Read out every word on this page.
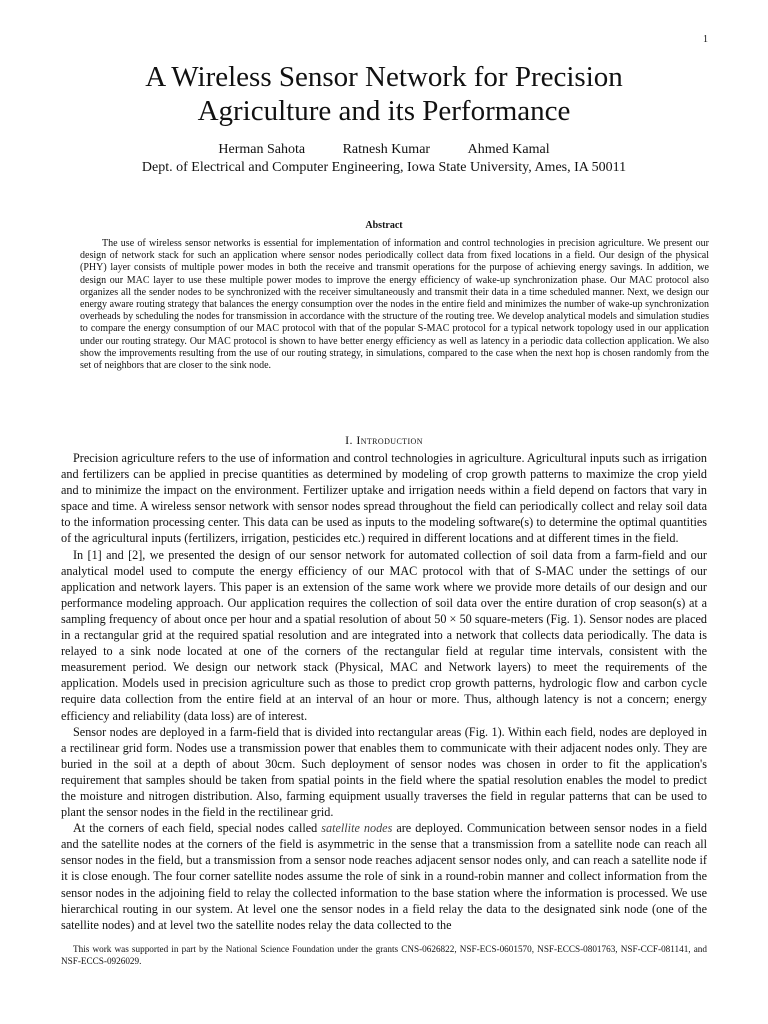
1
A Wireless Sensor Network for Precision
Agriculture and its Performance
Herman Sahota	Ratnesh Kumar	Ahmed Kamal
Dept. of Electrical and Computer Engineering, Iowa State University, Ames, IA 50011
Abstract

The use of wireless sensor networks is essential for implementation of information and control technologies in precision agriculture. We present our design of network stack for such an application where sensor nodes periodically collect data from fixed locations in a field. Our design of the physical (PHY) layer consists of multiple power modes in both the receive and transmit operations for the purpose of achieving energy savings. In addition, we design our MAC layer to use these multiple power modes to improve the energy efficiency of wake-up synchronization phase. Our MAC protocol also organizes all the sender nodes to be synchronized with the receiver simultaneously and transmit their data in a time scheduled manner. Next, we design our energy aware routing strategy that balances the energy consumption over the nodes in the entire field and minimizes the number of wake-up synchronization overheads by scheduling the nodes for transmission in accordance with the structure of the routing tree. We develop analytical models and simulation studies to compare the energy consumption of our MAC protocol with that of the popular S-MAC protocol for a typical network topology used in our application under our routing strategy. Our MAC protocol is shown to have better energy efficiency as well as latency in a periodic data collection application. We also show the improvements resulting from the use of our routing strategy, in simulations, compared to the case when the next hop is chosen randomly from the set of neighbors that are closer to the sink node.

I. Introduction

Precision agriculture refers to the use of information and control technologies in agriculture. Agricultural inputs such as irrigation and fertilizers can be applied in precise quantities as determined by modeling of crop growth patterns to maximize the crop yield and to minimize the impact on the environment. Fertilizer uptake and irrigation needs within a field depend on factors that vary in space and time. A wireless sensor network with sensor nodes spread throughout the field can periodically collect and relay soil data to the information processing center. This data can be used as inputs to the modeling software(s) to determine the optimal quantities of the agricultural inputs (fertilizers, irrigation, pesticides etc.) required in different locations and at different times in the field.

In [1] and [2], we presented the design of our sensor network for automated collection of soil data from a farm-field and our analytical model used to compute the energy efficiency of our MAC protocol with that of S-MAC under the settings of our application and network layers. This paper is an extension of the same work where we provide more details of our design and our performance modeling approach. Our application requires the collection of soil data over the entire duration of crop season(s) at a sampling frequency of about once per hour and a spatial resolution of about 50 × 50 square-meters (Fig. 1). Sensor nodes are placed in a rectangular grid at the required spatial resolution and are integrated into a network that collects data periodically. The data is relayed to a sink node located at one of the corners of the rectangular field at regular time intervals, consistent with the measurement period. We design our network stack (Physical, MAC and Network layers) to meet the requirements of the application. Models used in precision agriculture such as those to predict crop growth patterns, hydrologic flow and carbon cycle require data collection from the entire field at an interval of an hour or more. Thus, although latency is not a concern; energy efficiency and reliability (data loss) are of interest.

Sensor nodes are deployed in a farm-field that is divided into rectangular areas (Fig. 1). Within each field, nodes are deployed in a rectilinear grid form. Nodes use a transmission power that enables them to communicate with their adjacent nodes only. They are buried in the soil at a depth of about 30cm. Such deployment of sensor nodes was chosen in order to fit the application's requirement that samples should be taken from spatial points in the field where the spatial resolution enables the model to predict the moisture and nitrogen distribution. Also, farming equipment usually traverses the field in regular patterns that can be used to plant the sensor nodes in the field in the rectilinear grid.

At the corners of each field, special nodes called satellite nodes are deployed. Communication between sensor nodes in a field and the satellite nodes at the corners of the field is asymmetric in the sense that a transmission from a satellite node can reach all sensor nodes in the field, but a transmission from a sensor node reaches adjacent sensor nodes only, and can reach a satellite node if it is close enough. The four corner satellite nodes assume the role of sink in a round-robin manner and collect information from the sensor nodes in the adjoining field to relay the collected information to the base station where the information is processed. We use hierarchical routing in our system. At level one the sensor nodes in a field relay the data to the designated sink node (one of the satellite nodes) and at level two the satellite nodes relay the data collected to the

This work was supported in part by the National Science Foundation under the grants CNS-0626822, NSF-ECS-0601570, NSF-ECCS-0801763, NSF-CCF-081141, and NSF-ECCS-0926029.
